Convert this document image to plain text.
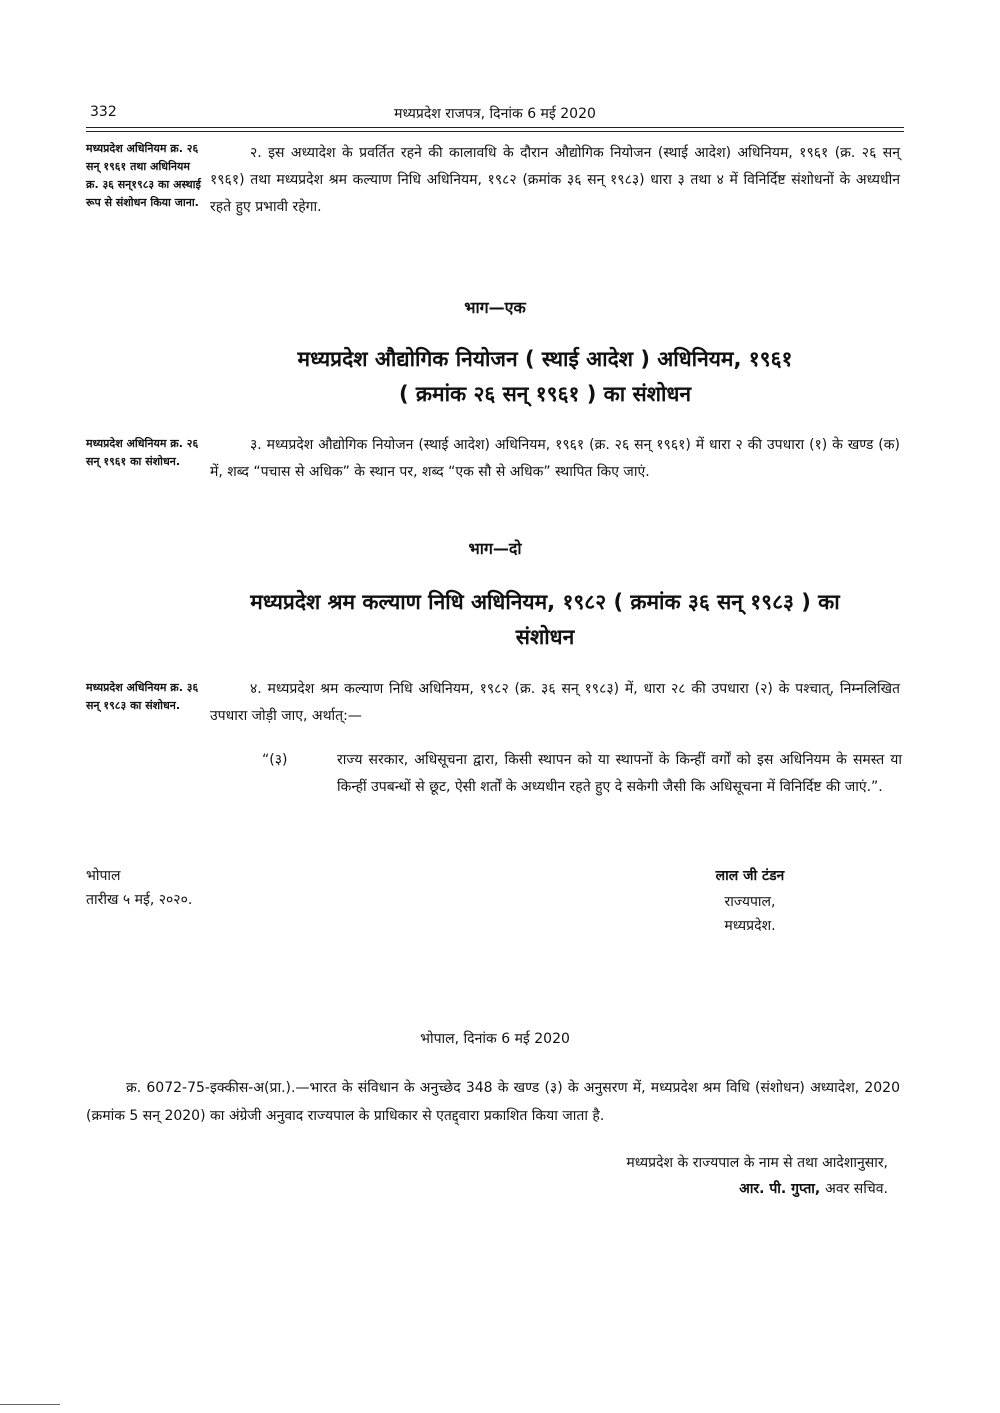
332	मध्यप्रदेश राजपत्र, दिनांक 6 मई 2020
मध्यप्रदेश अधिनियम क्र. २६ सन् १९६१ तथा अधिनियम क्र. ३६ सन्१९८३ का अस्थाई रूप से संशोधन किया जाना.
२. इस अध्यादेश के प्रवर्तित रहने की कालावधि के दौरान औद्योगिक नियोजन (स्थाई आदेश) अधिनियम, १९६१ (क्र. २६ सन् १९६१) तथा मध्यप्रदेश श्रम कल्याण निधि अधिनियम, १९८२ (क्रमांक ३६ सन् १९८३) धारा ३ तथा ४ में विनिर्दिष्ट संशोधनों के अध्यधीन रहते हुए प्रभावी रहेगा.
भाग—एक
मध्यप्रदेश औद्योगिक नियोजन ( स्थाई आदेश ) अधिनियम, १९६१
( क्रमांक २६ सन् १९६१ ) का संशोधन
मध्यप्रदेश अधिनियम क्र. २६ सन् १९६१ का संशोधन.
३. मध्यप्रदेश औद्योगिक नियोजन (स्थाई आदेश) अधिनियम, १९६१ (क्र. २६ सन् १९६१) में धारा २ की उपधारा (१) के खण्ड (क) में, शब्द “पचास से अधिक” के स्थान पर, शब्द “एक सौ से अधिक” स्थापित किए जाएं.
भाग—दो
मध्यप्रदेश श्रम कल्याण निधि अधिनियम, १९८२ ( क्रमांक ३६ सन् १९८३ ) का
संशोधन
मध्यप्रदेश अधिनियम क्र. ३६ सन् १९८३ का संशोधन.
४. मध्यप्रदेश श्रम कल्याण निधि अधिनियम, १९८२ (क्र. ३६ सन् १९८३) में, धारा २८ की उपधारा (२) के पश्चात्, निम्नलिखित उपधारा जोड़ी जाए, अर्थात्:—
“(३)	राज्य सरकार, अधिसूचना द्वारा, किसी स्थापन को या स्थापनों के किन्हीं वर्गों को इस अधिनियम के समस्त या किन्हीं उपबन्धों से छूट, ऐसी शर्तों के अध्यधीन रहते हुए दे सकेगी जैसी कि अधिसूचना में विनिर्दिष्ट की जाएं.”.
भोपाल
तारीख ५ मई, २०२०.
लाल जी टंडन
राज्यपाल,
मध्यप्रदेश.
भोपाल, दिनांक 6 मई 2020
क्र. 6072-75-इक्कीस-अ(प्रा.).—भारत के संविधान के अनुच्छेद 348 के खण्ड (३) के अनुसरण में, मध्यप्रदेश श्रम विधि (संशोधन) अध्यादेश, 2020 (क्रमांक 5 सन् 2020) का अंग्रेजी अनुवाद राज्यपाल के प्राधिकार से एतद्द्वारा प्रकाशित किया जाता है.
मध्यप्रदेश के राज्यपाल के नाम से तथा आदेशानुसार,
आर. पी. गुप्ता, अवर सचिव.
